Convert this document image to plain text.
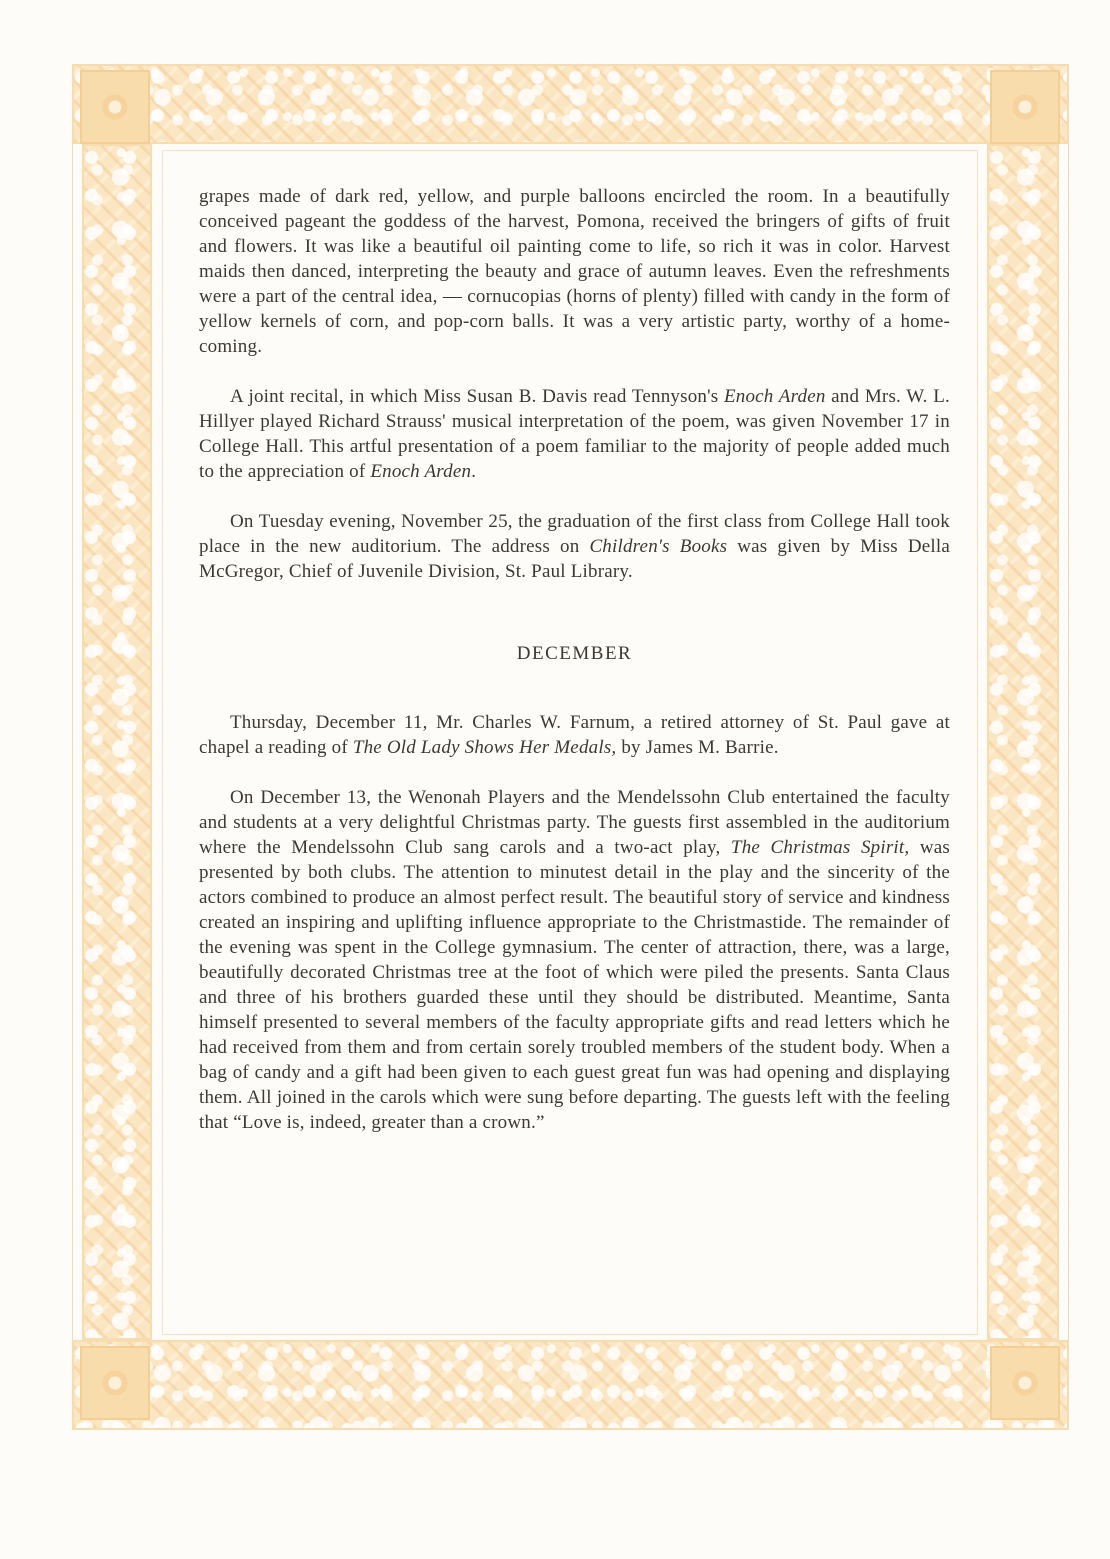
grapes made of dark red, yellow, and purple balloons encircled the room. In a beautifully conceived pageant the goddess of the harvest, Pomona, received the bringers of gifts of fruit and flowers. It was like a beautiful oil painting come to life, so rich it was in color. Harvest maids then danced, interpreting the beauty and grace of autumn leaves. Even the refreshments were a part of the central idea, — cornucopias (horns of plenty) filled with candy in the form of yellow kernels of corn, and pop-corn balls. It was a very artistic party, worthy of a home-coming.

A joint recital, in which Miss Susan B. Davis read Tennyson's Enoch Arden and Mrs. W. L. Hillyer played Richard Strauss' musical interpretation of the poem, was given November 17 in College Hall. This artful presentation of a poem familiar to the majority of people added much to the appreciation of Enoch Arden.

On Tuesday evening, November 25, the graduation of the first class from College Hall took place in the new auditorium. The address on Children's Books was given by Miss Della McGregor, Chief of Juvenile Division, St. Paul Library.

DECEMBER

Thursday, December 11, Mr. Charles W. Farnum, a retired attorney of St. Paul gave at chapel a reading of The Old Lady Shows Her Medals, by James M. Barrie.

On December 13, the Wenonah Players and the Mendelssohn Club entertained the faculty and students at a very delightful Christmas party. The guests first assembled in the auditorium where the Mendelssohn Club sang carols and a two-act play, The Christmas Spirit, was presented by both clubs. The attention to minutest detail in the play and the sincerity of the actors combined to produce an almost perfect result. The beautiful story of service and kindness created an inspiring and uplifting influence appropriate to the Christmastide. The remainder of the evening was spent in the College gymnasium. The center of attraction, there, was a large, beautifully decorated Christmas tree at the foot of which were piled the presents. Santa Claus and three of his brothers guarded these until they should be distributed. Meantime, Santa himself presented to several members of the faculty appropriate gifts and read letters which he had received from them and from certain sorely troubled members of the student body. When a bag of candy and a gift had been given to each guest great fun was had opening and displaying them. All joined in the carols which were sung before departing. The guests left with the feeling that “Love is, indeed, greater than a crown.”
